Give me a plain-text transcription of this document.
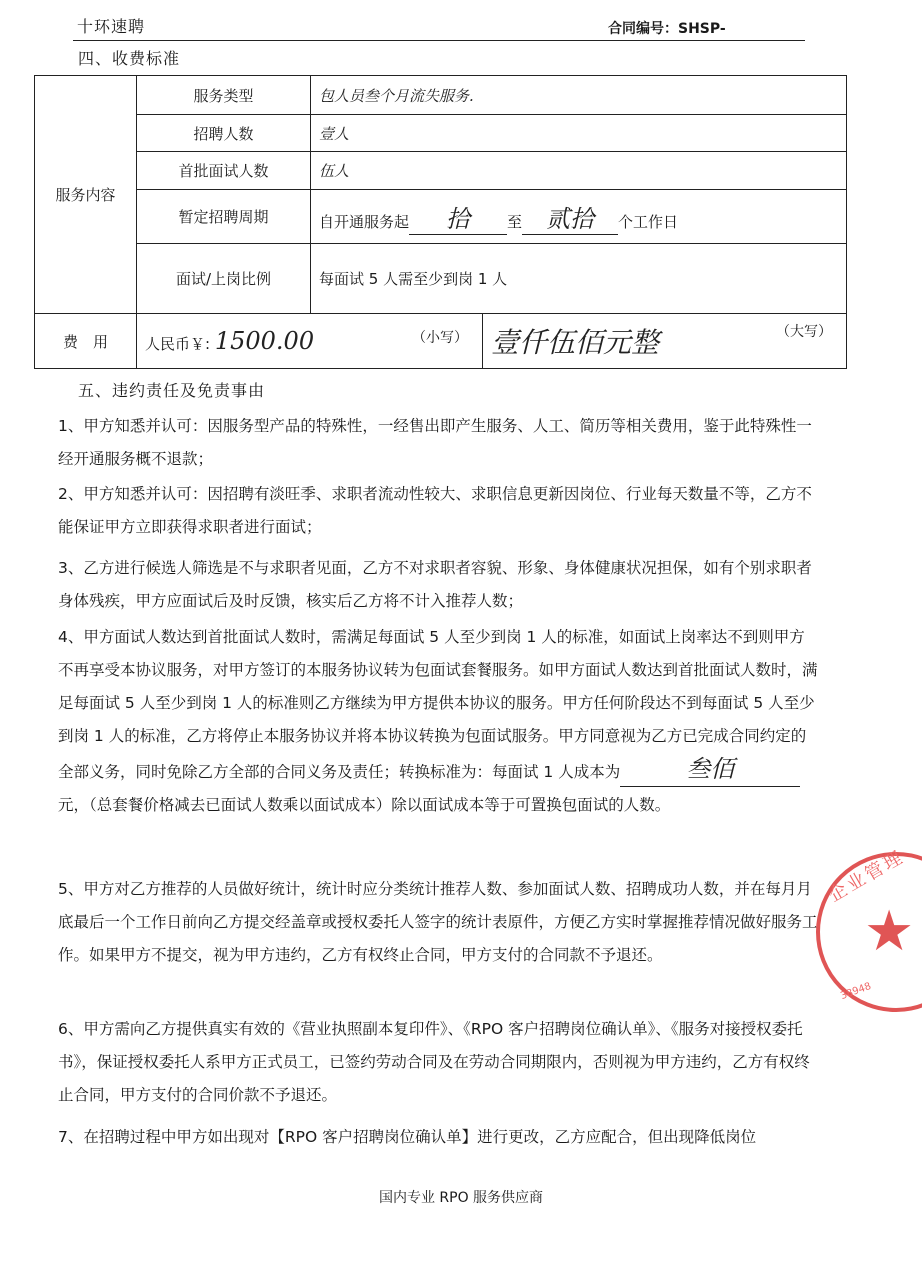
十环速聘	合同编号：SHSP-
四、收费标准
服务内容	服务类型	包人员叁个月流失服务.	
	招聘人数	壹人	
	首批面试人数	伍人	
	暂定招聘周期	自开通服务起 拾 至 贰拾 个工作日	
	面试/上岗比例	每面试 5 人需至少到岗 1 人	
费　用	人民币￥: 1500.00 （小写）		壹仟伍佰元整 （大写）
五、违约责任及免责事由

1、甲方知悉并认可：因服务型产品的特殊性，一经售出即产生服务、人工、简历等相关费用，鉴于此特殊性一经开通服务概不退款；

2、甲方知悉并认可：因招聘有淡旺季、求职者流动性较大、求职信息更新因岗位、行业每天数量不等，乙方不能保证甲方立即获得求职者进行面试；

3、乙方进行候选人筛选是不与求职者见面，乙方不对求职者容貌、形象、身体健康状况担保，如有个别求职者身体残疾，甲方应面试后及时反馈，核实后乙方将不计入推荐人数；

4、甲方面试人数达到首批面试人数时，需满足每面试 5 人至少到岗 1 人的标准，如面试上岗率达不到则甲方不再享受本协议服务，对甲方签订的本服务协议转为包面试套餐服务。如甲方面试人数达到首批面试人数时，满足每面试 5 人至少到岗 1 人的标准则乙方继续为甲方提供本协议的服务。甲方任何阶段达不到每面试 5 人至少到岗 1 人的标准，乙方将停止本服务协议并将本协议转换为包面试服务。甲方同意视为乙方已完成合同约定的全部义务，同时免除乙方全部的合同义务及责任；转换标准为：每面试 1 人成本为	叁佰元，（总套餐价格减去已面试人数乘以面试成本）除以面试成本等于可置换包面试的人数。

5、甲方对乙方推荐的人员做好统计，统计时应分类统计推荐人数、参加面试人数、招聘成功人数，并在每月月底最后一个工作日前向乙方提交经盖章或授权委托人签字的统计表原件，方便乙方实时掌握推荐情况做好服务工作。如果甲方不提交，视为甲方违约，乙方有权终止合同，甲方支付的合同款不予退还。

6、甲方需向乙方提供真实有效的《营业执照副本复印件》、《RPO 客户招聘岗位确认单》、《服务对接授权委托书》，保证授权委托人系甲方正式员工，已签约劳动合同及在劳动合同期限内，否则视为甲方违约，乙方有权终止合同，甲方支付的合同价款不予退还。

7、在招聘过程中甲方如出现对【RPO 客户招聘岗位确认单】进行更改，乙方应配合，但出现降低岗位

国内专业 RPO 服务供应商
企业管理
★
38948
